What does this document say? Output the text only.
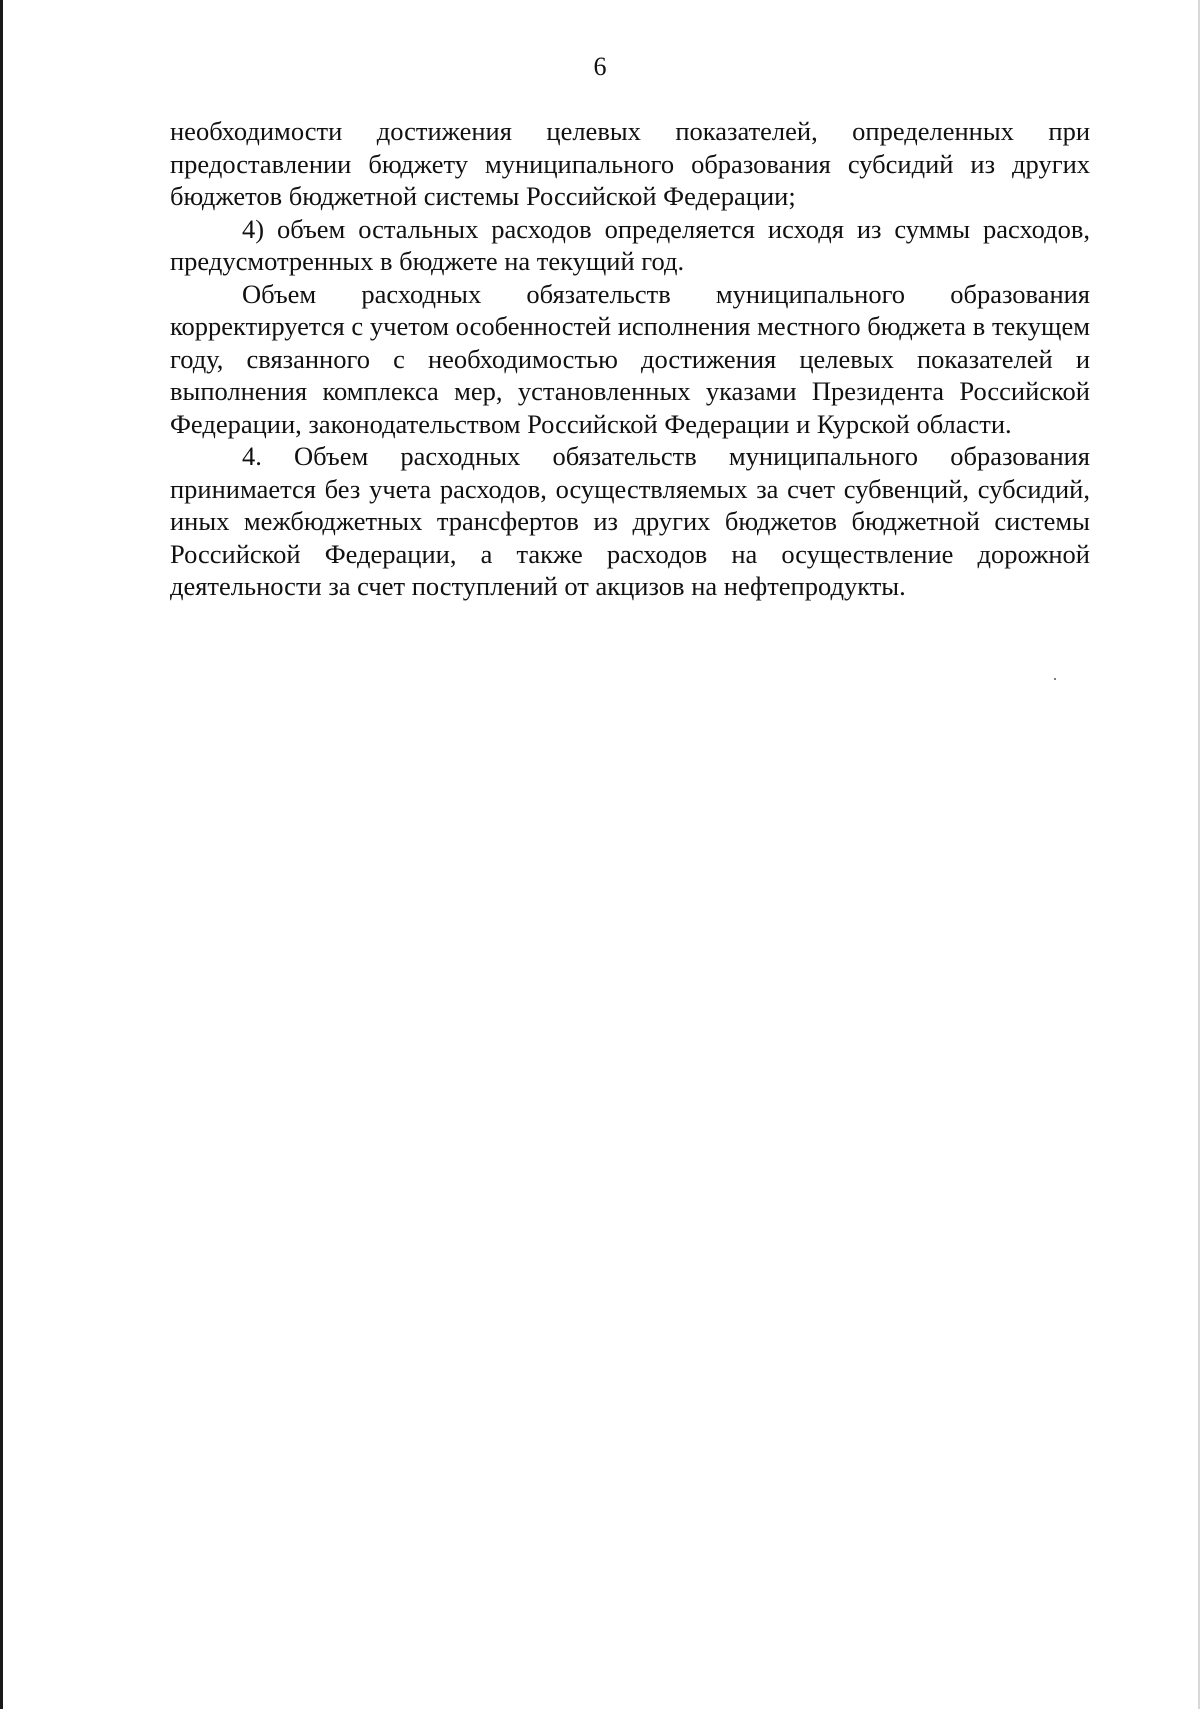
6

необходимости достижения целевых показателей, определенных при предоставлении бюджету муниципального образования субсидий из других бюджетов бюджетной системы Российской Федерации;

4) объем остальных расходов определяется исходя из суммы расходов, предусмотренных в бюджете на текущий год.

Объем расходных обязательств муниципального образования корректируется с учетом особенностей исполнения местного бюджета в текущем году, связанного с необходимостью достижения целевых показателей и выполнения комплекса мер, установленных указами Президента Российской Федерации, законодательством Российской Федерации и Курской области.

4. Объем расходных обязательств муниципального образования принимается без учета расходов, осуществляемых за счет субвенций, субсидий, иных межбюджетных трансфертов из других бюджетов бюджетной системы Российской Федерации, а также расходов на осуществление дорожной деятельности за счет поступлений от акцизов на нефтепродукты.
